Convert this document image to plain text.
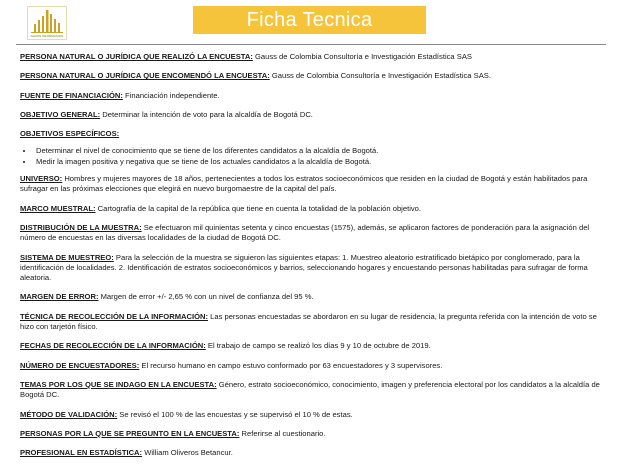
GAUSS INFORMACION
Ficha Tecnica

PERSONA NATURAL O JURÍDICA QUE REALIZÓ LA ENCUESTA: Gauss de Colombia Consultoría e Investigación Estadística SAS

PERSONA NATURAL O JURÍDICA QUE ENCOMENDÓ LA ENCUESTA: Gauss de Colombia Consultoría e Investigación Estadística SAS.

FUENTE DE FINANCIACIÓN: Financiación independiente.

OBJETIVO GENERAL: Determinar la intención de voto para la alcaldía de Bogotá DC.

OBJETIVOS ESPECÍFICOS:

• Determinar el nivel de conocimiento que se tiene de los diferentes candidatos a la alcaldía de Bogotá.
• Medir la imagen positiva y negativa que se tiene de los actuales candidatos a la alcaldía de Bogotá.

UNIVERSO: Hombres y mujeres mayores de 18 años, pertenecientes a todos los estratos socioeconómicos que residen en la ciudad de Bogotá y están habilitados para sufragar en las próximas elecciones que elegirá en nuevo burgomaestre de la capital del país.

MARCO MUESTRAL: Cartografía de la capital de la república que tiene en cuenta la totalidad de la población objetivo.

DISTRIBUCIÓN DE LA MUESTRA: Se efectuaron mil quinientas setenta y cinco encuestas (1575), además, se aplicaron factores de ponderación para la asignación del número de encuestas en las diversas localidades de la ciudad de Bogotá DC.

SISTEMA DE MUESTREO: Para la selección de la muestra se siguieron las siguientes etapas: 1. Muestreo aleatorio estratificado bietápico por conglomerado, para la identificación de localidades. 2. Identificación de estratos socioeconómicos y barrios, seleccionando hogares y encuestando personas habilitadas para sufragar de forma aleatoria.

MARGEN DE ERROR: Margen de error +/- 2,65 % con un nivel de confianza del 95 %.

TÉCNICA DE RECOLECCIÓN DE LA INFORMACIÓN: Las personas encuestadas se abordaron en su lugar de residencia, la pregunta referida con la intención de voto se hizo con tarjetón físico.

FECHAS DE RECOLECCIÓN DE LA INFORMACIÓN: El trabajo de campo se realizó los días 9 y 10 de octubre de 2019.

NÚMERO DE ENCUESTADORES: El recurso humano en campo estuvo conformado por 63 encuestadores y 3 supervisores.

TEMAS POR LOS QUE SE INDAGO EN LA ENCUESTA: Género, estrato socioeconómico, conocimiento, imagen y preferencia electoral por los candidatos a la alcaldía de Bogotá DC.

MÉTODO DE VALIDACIÓN: Se revisó el 100 % de las encuestas y se supervisó el 10 % de estas.

PERSONAS POR LA QUE SE PREGUNTO EN LA ENCUESTA: Referirse al cuestionario.

PROFESIONAL EN ESTADÍSTICA: William Oliveros Betancur.
